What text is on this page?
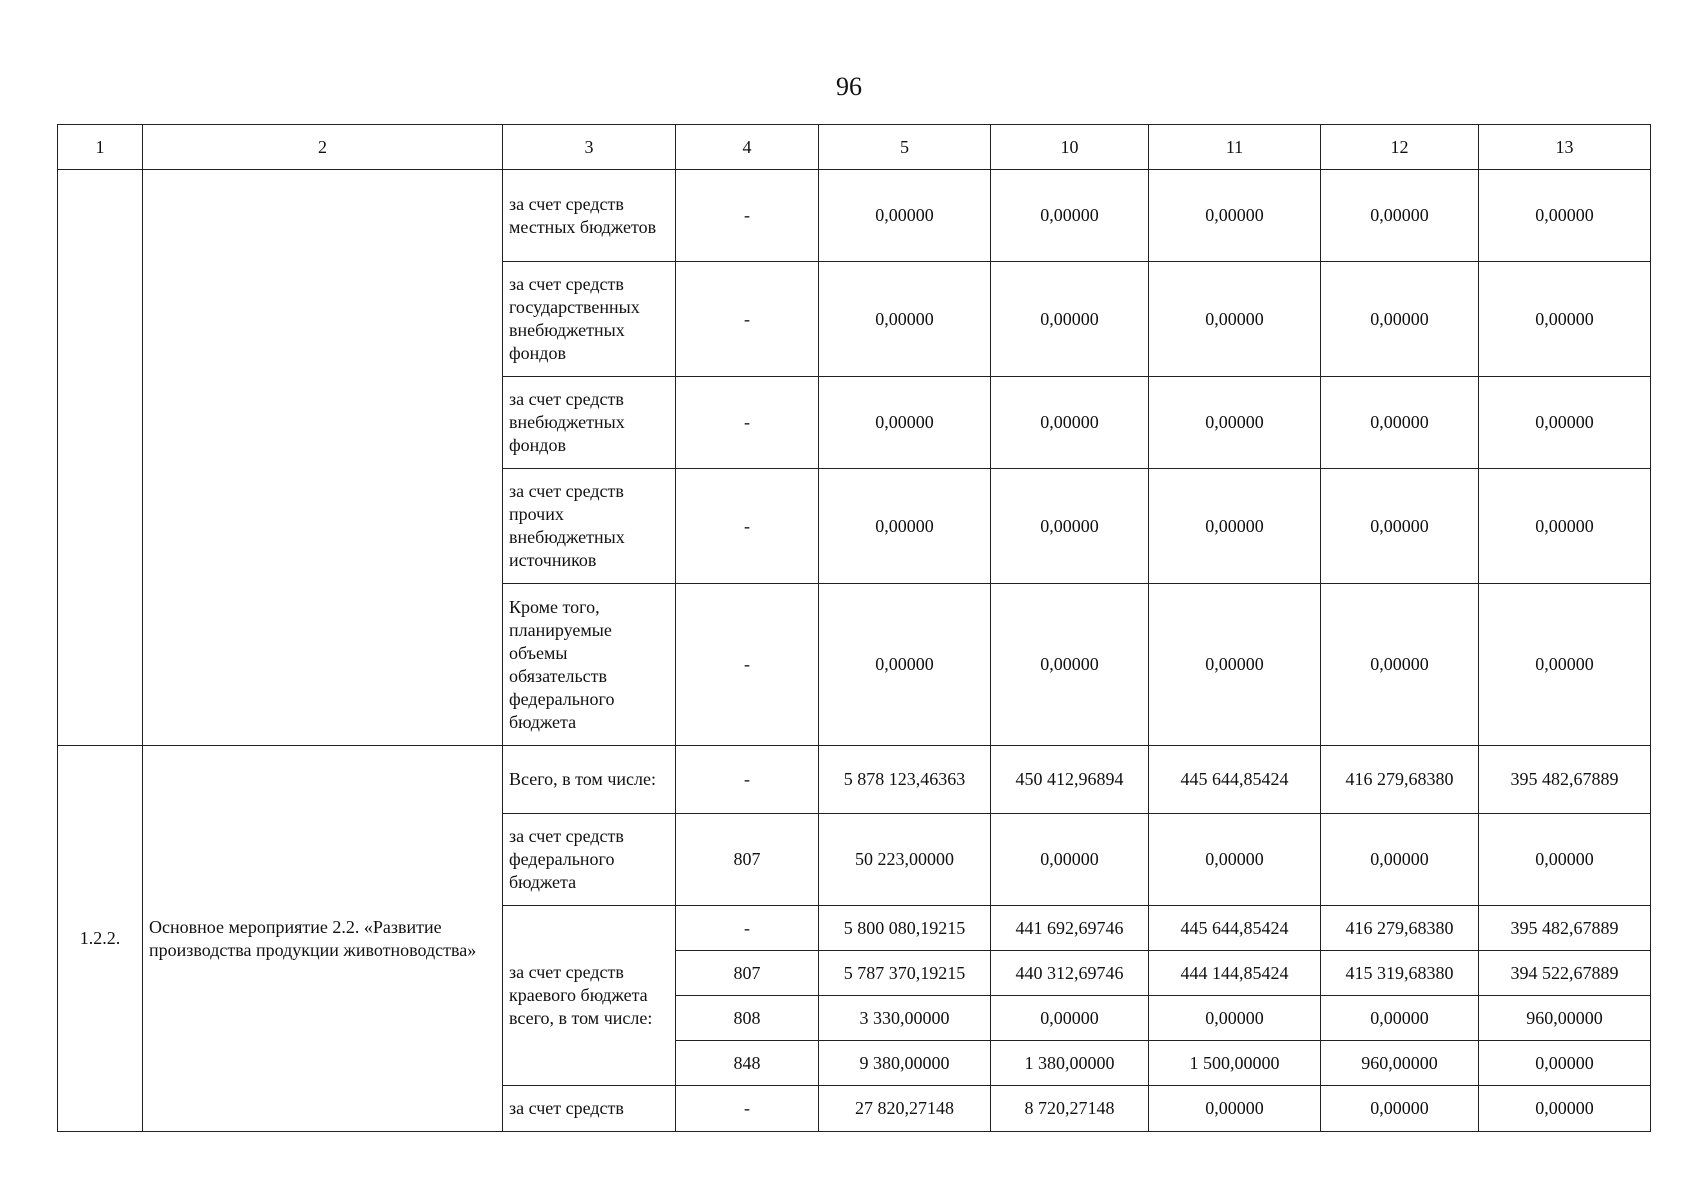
96
1	2	3	4	5	10	11	12	13
		за счет средств местных бюджетов	-	0,00000	0,00000	0,00000	0,00000	0,00000
		за счет средств государственных внебюджетных фондов	-	0,00000	0,00000	0,00000	0,00000	0,00000
		за счет средств внебюджетных фондов	-	0,00000	0,00000	0,00000	0,00000	0,00000
		за счет средств прочих внебюджетных источников	-	0,00000	0,00000	0,00000	0,00000	0,00000
		Кроме того, планируемые объемы обязательств федерального бюджета	-	0,00000	0,00000	0,00000	0,00000	0,00000
1.2.2.	Основное мероприятие 2.2. «Развитие производства продукции животноводства»	Всего, в том числе:	-	5 878 123,46363	450 412,96894	445 644,85424	416 279,68380	395 482,67889
		за счет средств федерального бюджета	807	50 223,00000	0,00000	0,00000	0,00000	0,00000
		за счет средств краевого бюджета всего, в том числе:	-	5 800 080,19215	441 692,69746	445 644,85424	416 279,68380	395 482,67889
			807	5 787 370,19215	440 312,69746	444 144,85424	415 319,68380	394 522,67889
			808	3 330,00000	0,00000	0,00000	0,00000	960,00000
			848	9 380,00000	1 380,00000	1 500,00000	960,00000	0,00000
		за счет средств	-	27 820,27148	8 720,27148	0,00000	0,00000	0,00000
